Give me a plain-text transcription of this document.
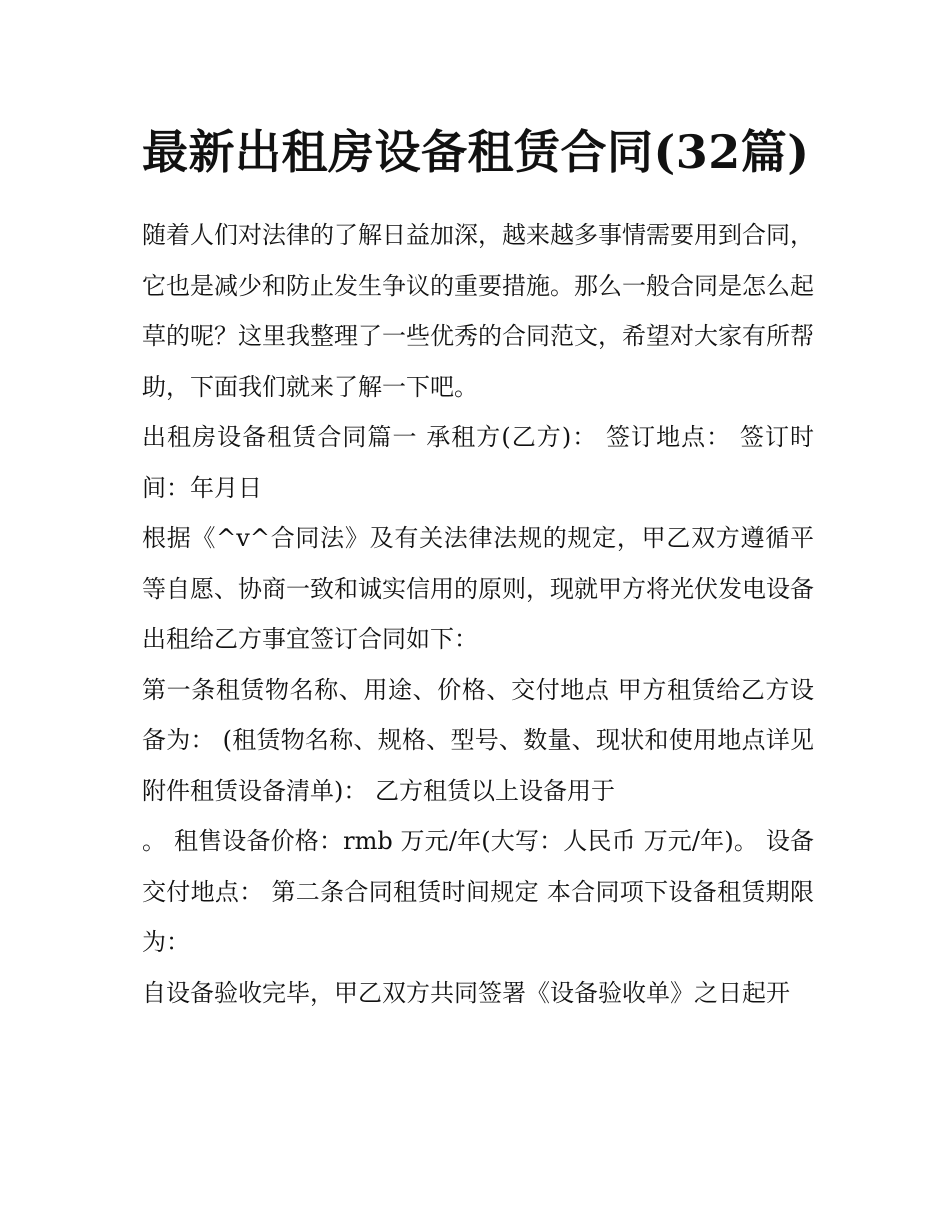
最新出租房设备租赁合同(32篇)

随着人们对法律的了解日益加深，越来越多事情需要用到合同，它也是减少和防止发生争议的重要措施。那么一般合同是怎么起草的呢？这里我整理了一些优秀的合同范文，希望对大家有所帮助，下面我们就来了解一下吧。

出租房设备租赁合同篇一 承租方(乙方)： 签订地点： 签订时间：年月日

根据《^v^合同法》及有关法律法规的规定，甲乙双方遵循平等自愿、协商一致和诚实信用的原则，现就甲方将光伏发电设备出租给乙方事宜签订合同如下：

第一条租赁物名称、用途、价格、交付地点 甲方租赁给乙方设备为： (租赁物名称、规格、型号、数量、现状和使用地点详见附件租赁设备清单)： 乙方租赁以上设备用于

。 租售设备价格：rmb 万元/年(大写：人民币 万元/年)。 设备交付地点： 第二条合同租赁时间规定 本合同项下设备租赁期限为：

自设备验收完毕，甲乙双方共同签署《设备验收单》之日起开
